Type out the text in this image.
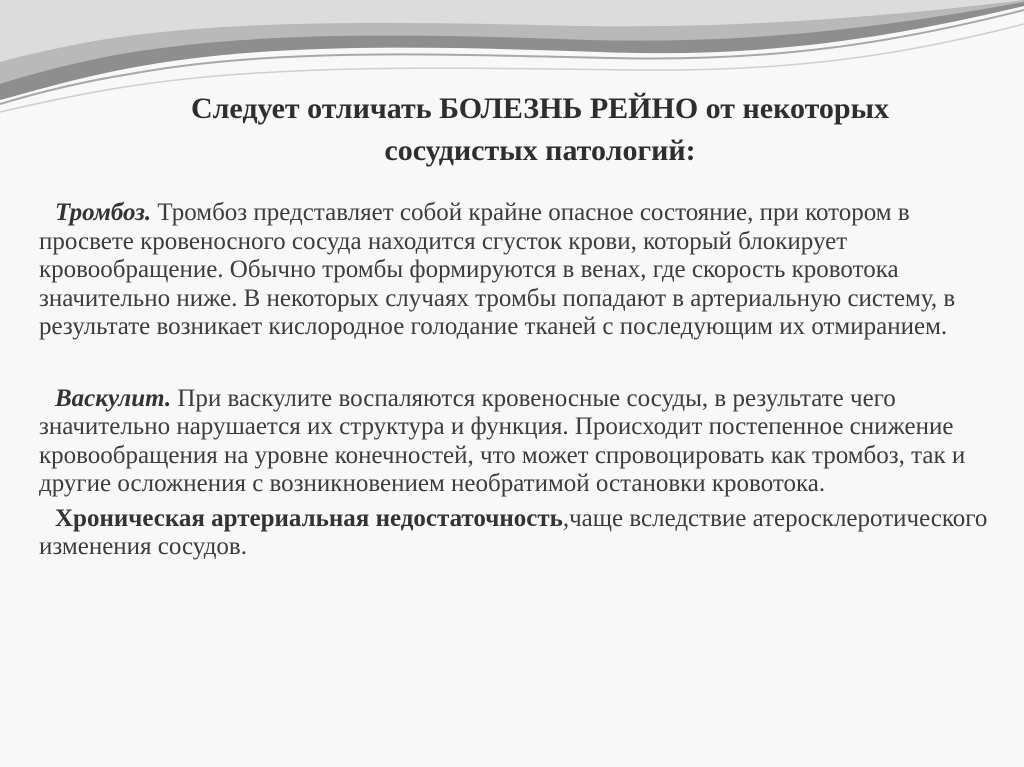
Следует отличать БОЛЕЗНЬ РЕЙНО от некоторых
сосудистых патологий:

Тромбоз. Тромбоз представляет собой крайне опасное состояние, при котором в просвете кровеносного сосуда находится сгусток крови, который блокирует кровообращение. Обычно тромбы формируются в венах, где скорость кровотока значительно ниже. В некоторых случаях тромбы попадают в артериальную систему, в результате возникает кислородное голодание тканей с последующим их отмиранием.

Васкулит. При васкулите воспаляются кровеносные сосуды, в результате чего значительно нарушается их структура и функция. Происходит постепенное снижение кровообращения на уровне конечностей, что может спровоцировать как тромбоз, так и другие осложнения с возникновением необратимой остановки кровотока.

Хроническая артериальная недостаточность,чаще вследствие атеросклеротического изменения сосудов.
